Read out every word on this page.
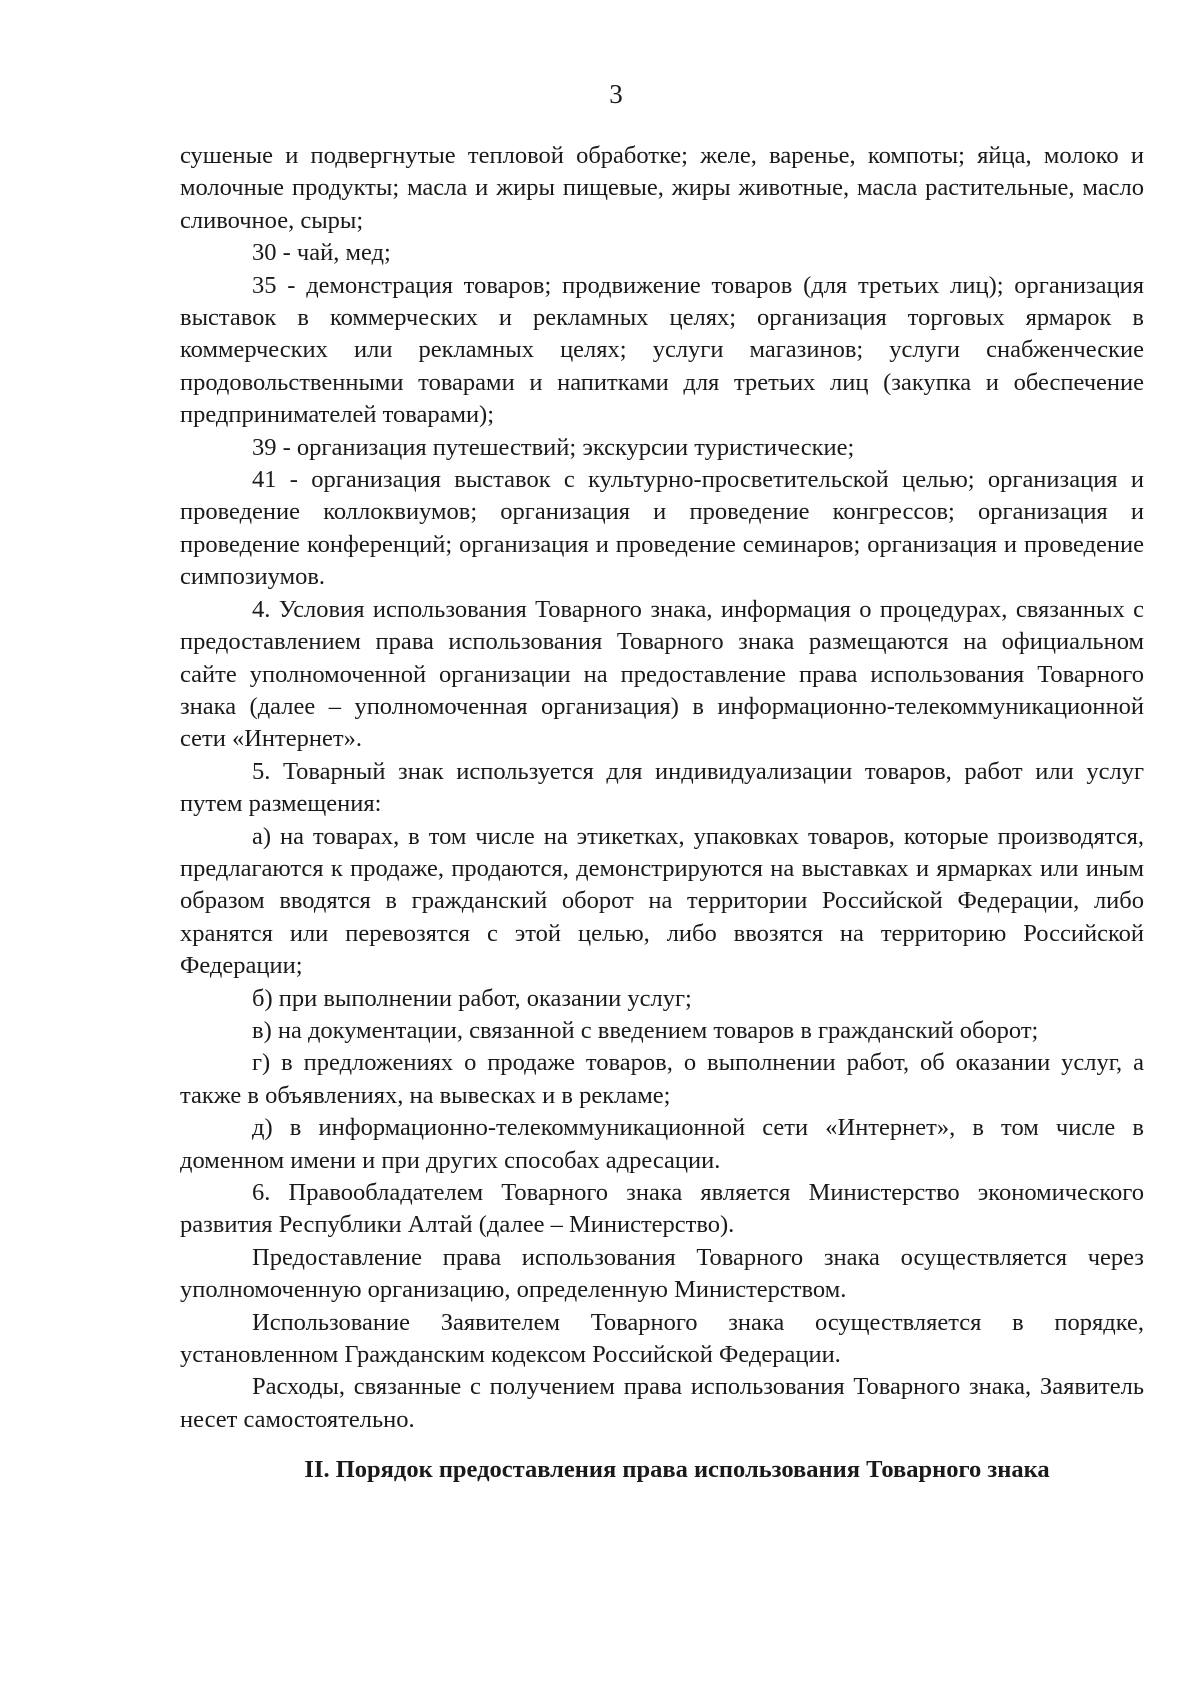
3

сушеные и подвергнутые тепловой обработке; желе, варенье, компоты; яйца, молоко и молочные продукты; масла и жиры пищевые, жиры животные, масла растительные, масло сливочное, сыры;

30 - чай, мед;

35 - демонстрация товаров; продвижение товаров (для третьих лиц); организация выставок в коммерческих и рекламных целях; организация торговых ярмарок в коммерческих или рекламных целях; услуги магазинов; услуги снабженческие продовольственными товарами и напитками для третьих лиц (закупка и обеспечение предпринимателей товарами);

39 - организация путешествий; экскурсии туристические;

41 - организация выставок с культурно-просветительской целью; организация и проведение коллоквиумов; организация и проведение конгрессов; организация и проведение конференций; организация и проведение семинаров; организация и проведение симпозиумов.

4. Условия использования Товарного знака, информация о процедурах, связанных с предоставлением права использования Товарного знака размещаются на официальном сайте уполномоченной организации на предоставление права использования Товарного знака (далее – уполномоченная организация) в информационно-телекоммуникационной сети «Интернет».

5. Товарный знак используется для индивидуализации товаров, работ или услуг путем размещения:

а) на товарах, в том числе на этикетках, упаковках товаров, которые производятся, предлагаются к продаже, продаются, демонстрируются на выставках и ярмарках или иным образом вводятся в гражданский оборот на территории Российской Федерации, либо хранятся или перевозятся с этой целью, либо ввозятся на территорию Российской Федерации;

б) при выполнении работ, оказании услуг;

в) на документации, связанной с введением товаров в гражданский оборот;

г) в предложениях о продаже товаров, о выполнении работ, об оказании услуг, а также в объявлениях, на вывесках и в рекламе;

д) в информационно-телекоммуникационной сети «Интернет», в том числе в доменном имени и при других способах адресации.

6. Правообладателем Товарного знака является Министерство экономического развития Республики Алтай (далее – Министерство).

Предоставление права использования Товарного знака осуществляется через уполномоченную организацию, определенную Министерством.

Использование Заявителем Товарного знака осуществляется в порядке, установленном Гражданским кодексом Российской Федерации.

Расходы, связанные с получением права использования Товарного знака, Заявитель несет самостоятельно.

II. Порядок предоставления права использования Товарного знака
